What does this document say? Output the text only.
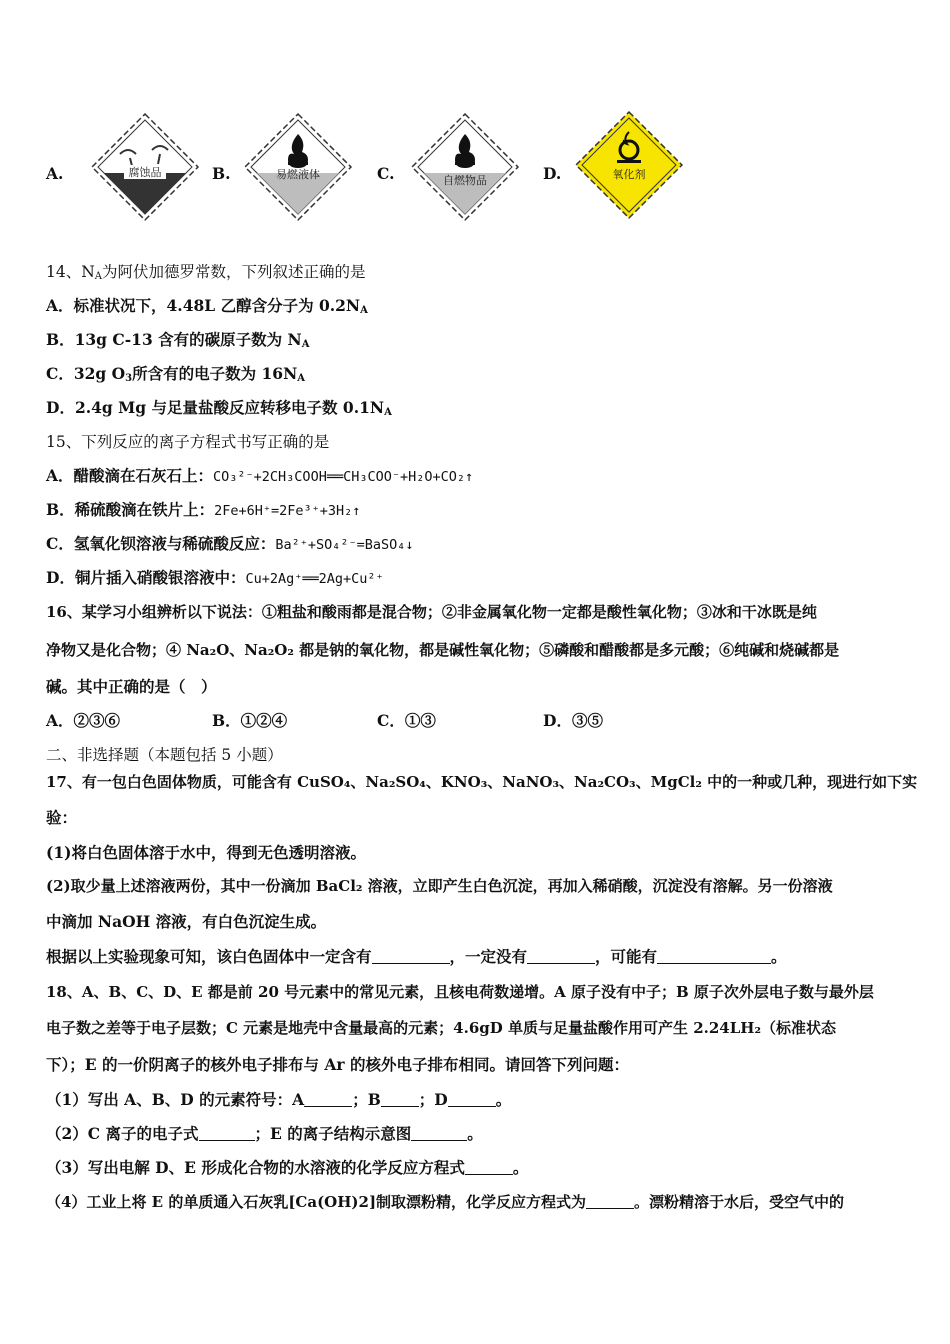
A.	腐蚀品	B.	易燃液体	C.	自燃物品	D.	氧化剂
14、$N_A$为阿伏加德罗常数，下列叙述正确的是
A．标准状况下，4.48L 乙醇含分子为 $0.2N_A$
B．13g C-13 含有的碳原子数为 $N_A$
C．32g $O_3$所含有的电子数为 $16N_A$
D．2.4g Mg 与足量盐酸反应转移电子数 $0.1N_A$
15、下列反应的离子方程式书写正确的是
A．醋酸滴在石灰石上：CO₃²⁻+2CH₃COOH══CH₃COO⁻+H₂O+CO₂↑
B．稀硫酸滴在铁片上：2Fe+6H⁺=2Fe³⁺+3H₂↑
C．氢氧化钡溶液与稀硫酸反应：Ba²⁺+SO₄²⁻=BaSO₄↓
D．铜片插入硝酸银溶液中：Cu+2Ag⁺══2Ag+Cu²⁺
16、某学习小组辨析以下说法：①粗盐和酸雨都是混合物；②非金属氧化物一定都是酸性氧化物；③冰和干冰既是纯
净物又是化合物；④ Na₂O、Na₂O₂ 都是钠的氧化物，都是碱性氧化物；⑤磷酸和醋酸都是多元酸；⑥纯碱和烧碱都是
碱。其中正确的是（　）
A．②③⑥	B．①②④	C．①③	D．③⑤
二、非选择题（本题包括 5 小题）
17、有一包白色固体物质，可能含有 CuSO₄、Na₂SO₄、KNO₃、NaNO₃、Na₂CO₃、MgCl₂ 中的一种或几种，现进行如下实
验：
(1)将白色固体溶于水中，得到无色透明溶液。
(2)取少量上述溶液两份，其中一份滴加 BaCl₂ 溶液，立即产生白色沉淀，再加入稀硝酸，沉淀没有溶解。另一份溶液
中滴加 NaOH 溶液，有白色沉淀生成。
根据以上实验现象可知，该白色固体中一定含有	，一定没有	，可能有	。
18、A、B、C、D、E 都是前 20 号元素中的常见元素，且核电荷数递增。A 原子没有中子；B 原子次外层电子数与最外层
电子数之差等于电子层数；C 元素是地壳中含量最高的元素；4.6gD 单质与足量盐酸作用可产生 2.24LH₂（标准状态
下）；E 的一价阴离子的核外电子排布与 Ar 的核外电子排布相同。请回答下列问题：
（1）写出 A、B、D 的元素符号：A	；B ；D	。
（2）C 离子的电子式	；E 的离子结构示意图	。
（3）写出电解 D、E 形成化合物的水溶液的化学反应方程式	。
（4）工业上将 E 的单质通入石灰乳[Ca(OH)2]制取漂粉精，化学反应方程式为	。漂粉精溶于水后，受空气中的
